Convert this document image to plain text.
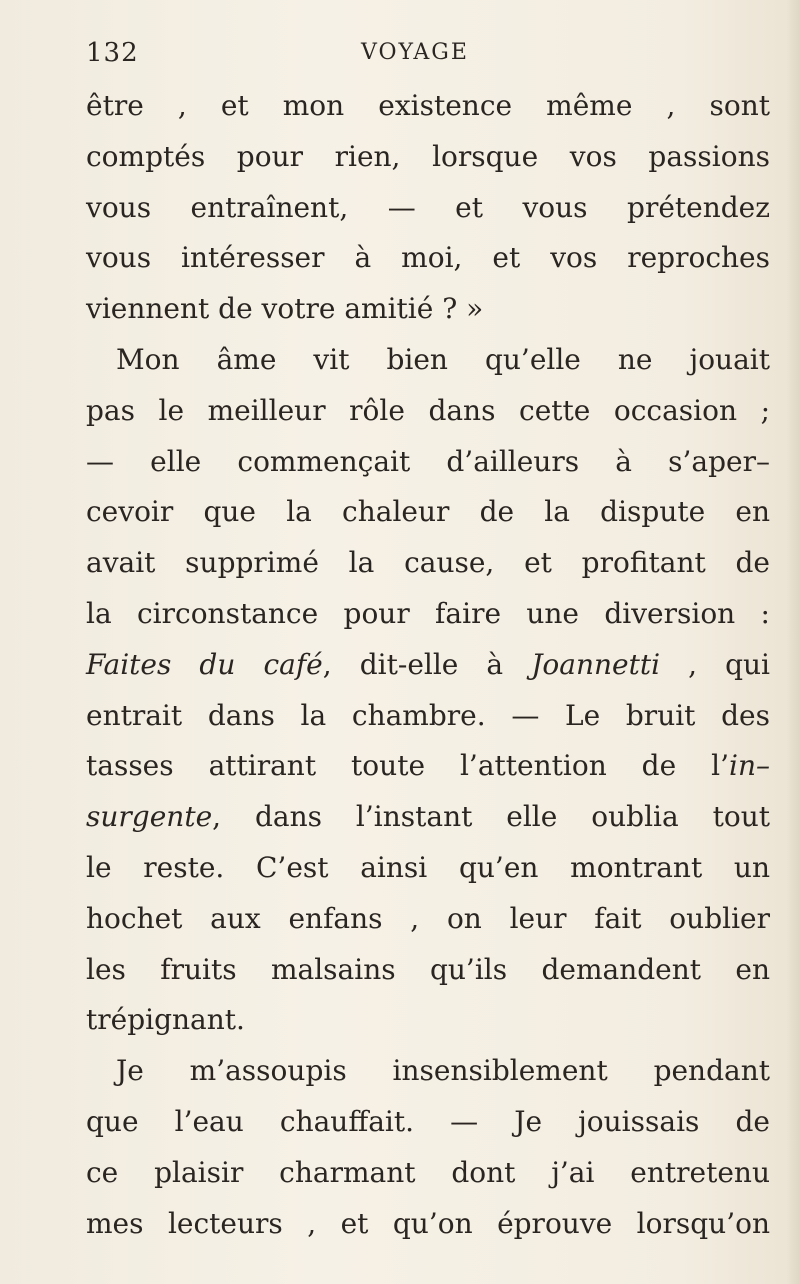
132	VOYAGE
être , et mon existence même , sont
comptés pour rien, lorsque vos passions
vous entraînent, — et vous prétendez
vous intéresser à moi, et vos reproches
viennent de votre amitié ? »
Mon âme vit bien qu’elle ne jouait
pas le meilleur rôle dans cette occasion ;
— elle commençait d’ailleurs à s’aper–
cevoir que la chaleur de la dispute en
avait supprimé la cause, et profitant de
la circonstance pour faire une diversion :
Faites du café, dit-elle à Joannetti , qui
entrait dans la chambre. — Le bruit des
tasses attirant toute l’attention de l’in–
surgente, dans l’instant elle oublia tout
le reste. C’est ainsi qu’en montrant un
hochet aux enfans , on leur fait oublier
les fruits malsains qu’ils demandent en
trépignant.
Je m’assoupis insensiblement pendant
que l’eau chauffait. — Je jouissais de
ce plaisir charmant dont j’ai entretenu
mes lecteurs , et qu’on éprouve lorsqu’on
